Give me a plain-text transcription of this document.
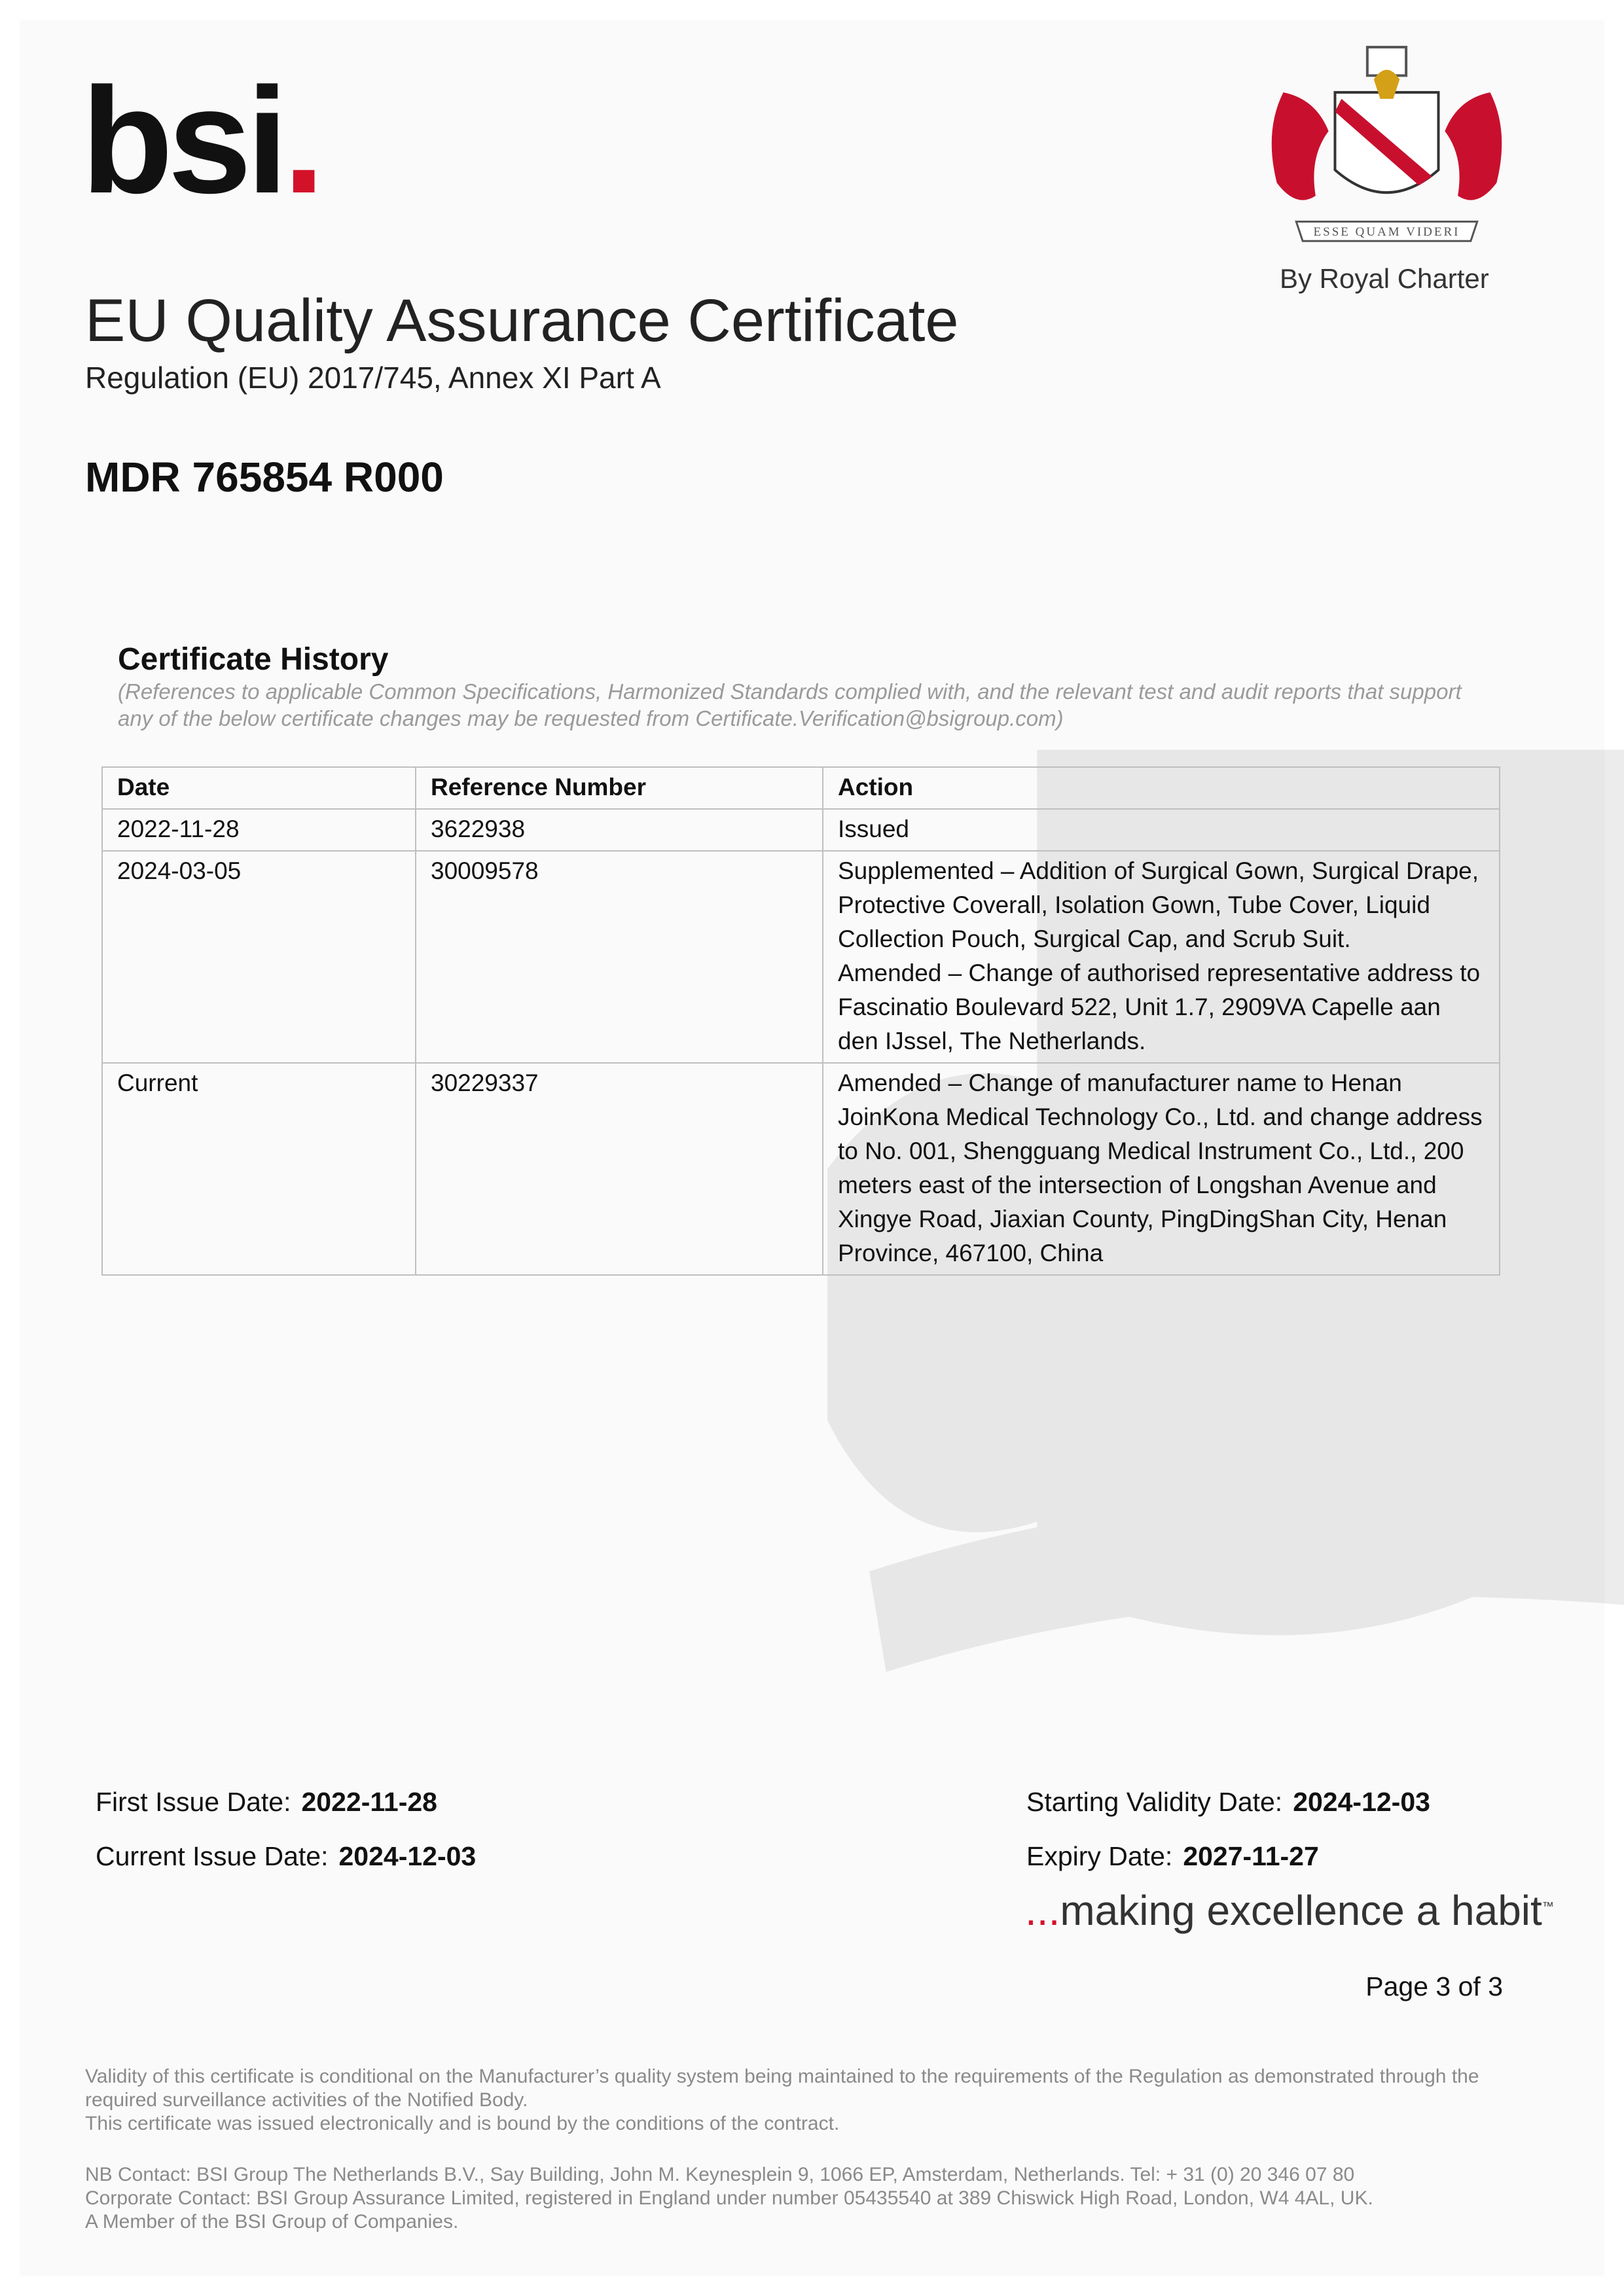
bsi.
ESSE QUAM VIDERI
By Royal Charter
EU Quality Assurance Certificate
Regulation (EU) 2017/745, Annex XI Part A
MDR 765854 R000
Certificate History
(References to applicable Common Specifications, Harmonized Standards complied with, and the relevant test and audit reports that support any of the below certificate changes may be requested from Certificate.Verification@bsigroup.com)
Date	Reference Number	Action
2022-11-28	3622938	Issued

2024-03-05	30009578	Supplemented – Addition of Surgical Gown, Surgical Drape, Protective Coverall, Isolation Gown, Tube Cover, Liquid Collection Pouch, Surgical Cap, and Scrub Suit.
Amended – Change of authorised representative address to Fascinatio Boulevard 522, Unit 1.7, 2909VA Capelle aan den IJssel, The Netherlands.

Current	30229337	Amended – Change of manufacturer name to Henan JoinKona Medical Technology Co., Ltd. and change address to No. 001, Shengguang Medical Instrument Co., Ltd., 200 meters east of the intersection of Longshan Avenue and Xingye Road, Jiaxian County, PingDingShan City, Henan Province, 467100, China
First Issue Date: 2022-11-28
Current Issue Date: 2024-12-03
Starting Validity Date: 2024-12-03
Expiry Date: 2027-11-27
...making excellence a habit™
Page 3 of 3
Validity of this certificate is conditional on the Manufacturer’s quality system being maintained to the requirements of the Regulation as demonstrated through the required surveillance activities of the Notified Body.
This certificate was issued electronically and is bound by the conditions of the contract.
NB Contact: BSI Group The Netherlands B.V., Say Building, John M. Keynesplein 9, 1066 EP, Amsterdam, Netherlands. Tel: + 31 (0) 20 346 07 80
Corporate Contact: BSI Group Assurance Limited, registered in England under number 05435540 at 389 Chiswick High Road, London, W4 4AL, UK.
A Member of the BSI Group of Companies.
